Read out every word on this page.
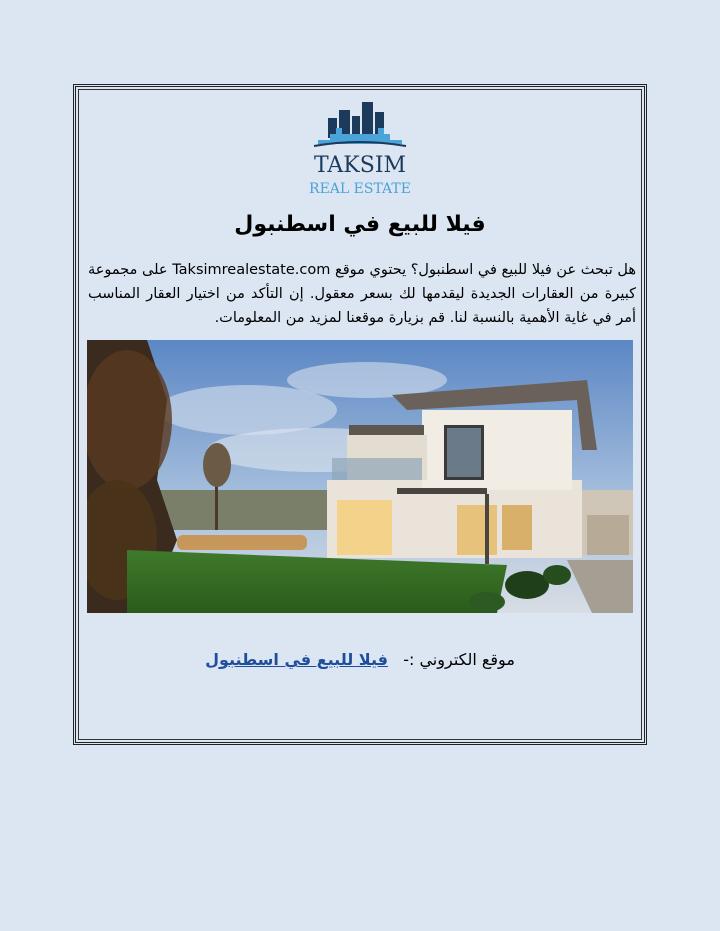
TAKSIM
REAL ESTATE
فيلا للبيع في اسطنبول
هل تبحث عن فيلا للبيع في اسطنبول؟ يحتوي موقع Taksimrealestate.com على مجموعة كبيرة من العقارات الجديدة ليقدمها لك بسعر معقول. إن التأكد من اختيار العقار المناسب أمر في غاية الأهمية بالنسبة لنا. قم بزيارة موقعنا لمزيد من المعلومات.
موقع الكتروني :-   فيلا للبيع في اسطنبول
